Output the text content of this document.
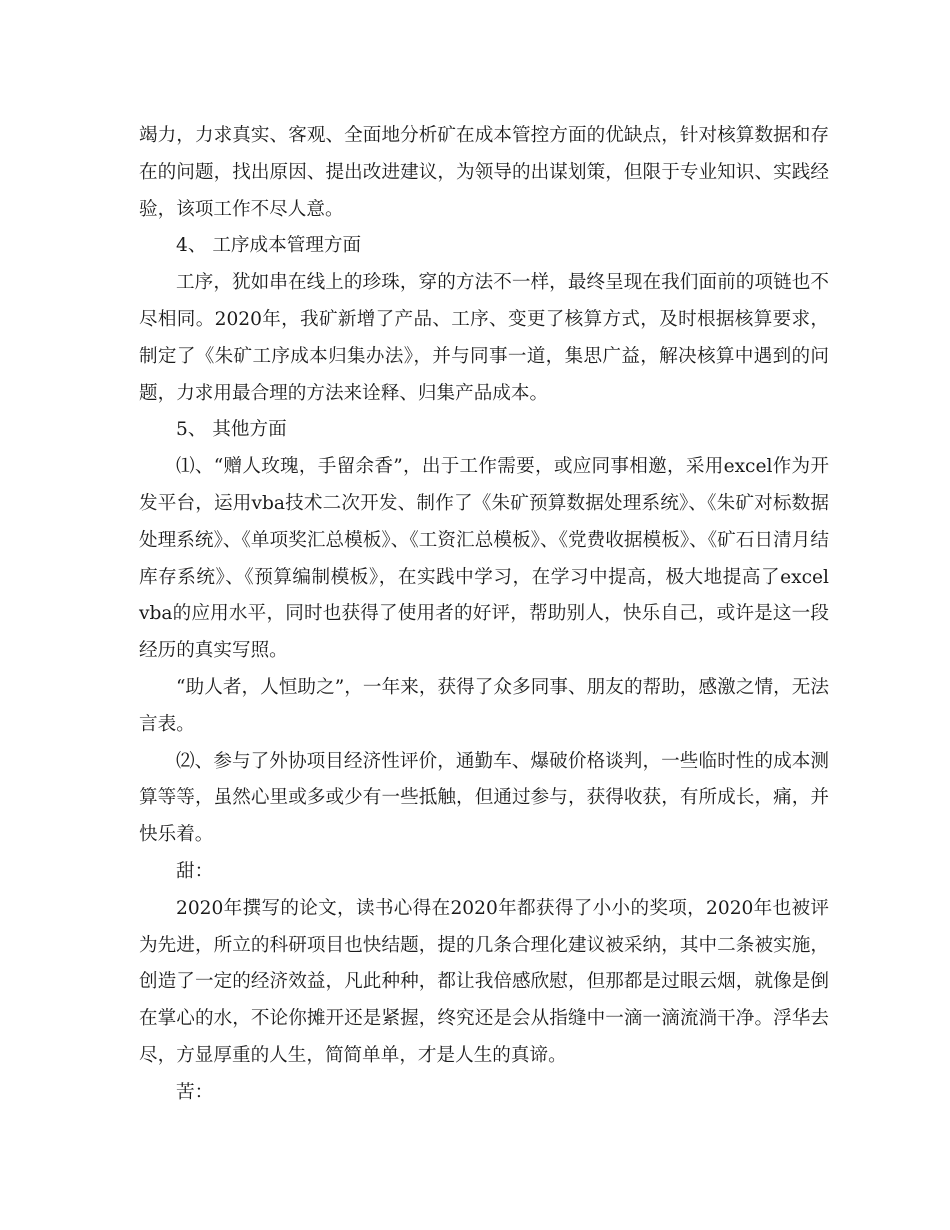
竭力，力求真实、客观、全面地分析矿在成本管控方面的优缺点，针对核算数据和存在的问题，找出原因、提出改进建议，为领导的出谋划策，但限于专业知识、实践经验，该项工作不尽人意。

4、 工序成本管理方面

工序，犹如串在线上的珍珠，穿的方法不一样，最终呈现在我们面前的项链也不尽相同。2020年，我矿新增了产品、工序、变更了核算方式，及时根据核算要求，制定了《朱矿工序成本归集办法》，并与同事一道，集思广益，解决核算中遇到的问题，力求用最合理的方法来诠释、归集产品成本。

5、 其他方面

⑴、“赠人玫瑰，手留余香”，出于工作需要，或应同事相邀，采用excel作为开发平台，运用vba技术二次开发、制作了《朱矿预算数据处理系统》、《朱矿对标数据处理系统》、《单项奖汇总模板》、《工资汇总模板》、《党费收据模板》、《矿石日清月结库存系统》、《预算编制模板》，在实践中学习，在学习中提高，极大地提高了excel vba的应用水平，同时也获得了使用者的好评，帮助别人，快乐自己，或许是这一段经历的真实写照。

“助人者，人恒助之”，一年来，获得了众多同事、朋友的帮助，感激之情，无法言表。

⑵、参与了外协项目经济性评价，通勤车、爆破价格谈判，一些临时性的成本测算等等，虽然心里或多或少有一些抵触，但通过参与，获得收获，有所成长，痛，并快乐着。

甜：

2020年撰写的论文，读书心得在2020年都获得了小小的奖项，2020年也被评为先进，所立的科研项目也快结题，提的几条合理化建议被采纳，其中二条被实施，创造了一定的经济效益，凡此种种，都让我倍感欣慰，但那都是过眼云烟，就像是倒在掌心的水，不论你摊开还是紧握，终究还是会从指缝中一滴一滴流淌干净。浮华去尽，方显厚重的人生，简简单单，才是人生的真谛。

苦：
